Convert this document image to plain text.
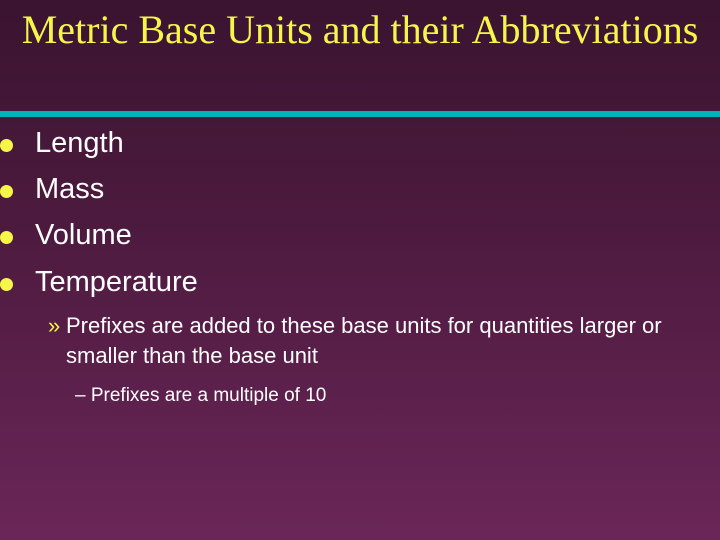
Metric Base Units and their Abbreviations
Length
Mass
Volume
Temperature
» Prefixes are added to these base units for quantities larger or smaller than the base unit
– Prefixes are a multiple of 10
